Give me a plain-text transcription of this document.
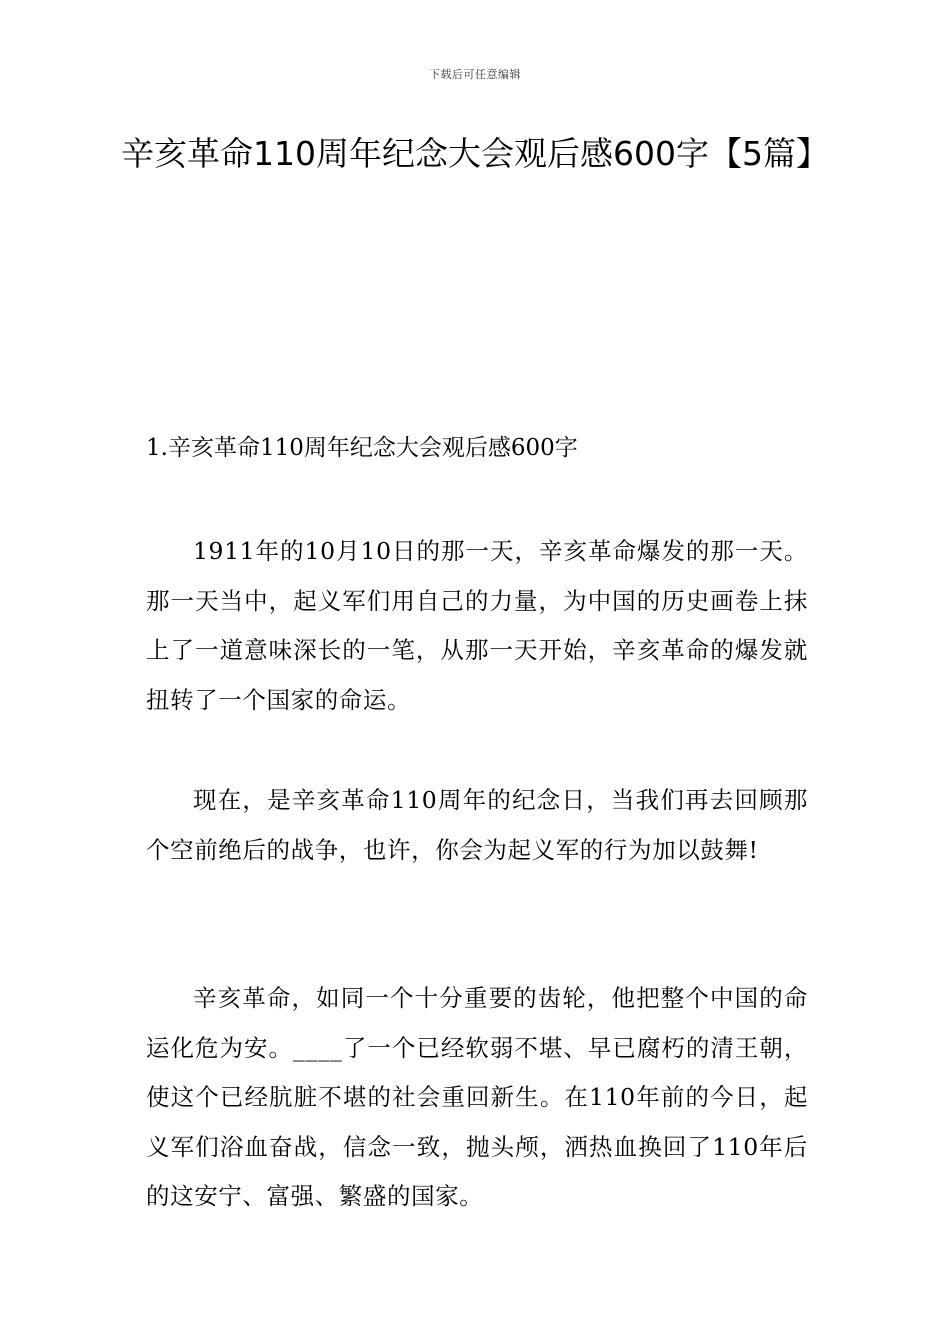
下载后可任意编辑
辛亥革命110周年纪念大会观后感600字【5篇】
1.辛亥革命110周年纪念大会观后感600字

1911年的10月10日的那一天，辛亥革命爆发的那一天。那一天当中，起义军们用自己的力量，为中国的历史画卷上抹上了一道意味深长的一笔，从那一天开始，辛亥革命的爆发就扭转了一个国家的命运。

现在，是辛亥革命110周年的纪念日，当我们再去回顾那个空前绝后的战争，也许，你会为起义军的行为加以鼓舞!

辛亥革命，如同一个十分重要的齿轮，他把整个中国的命运化危为安。____了一个已经软弱不堪、早已腐朽的清王朝，使这个已经肮脏不堪的社会重回新生。在110年前的今日，起义军们浴血奋战，信念一致，抛头颅，洒热血换回了110年后的这安宁、富强、繁盛的国家。
